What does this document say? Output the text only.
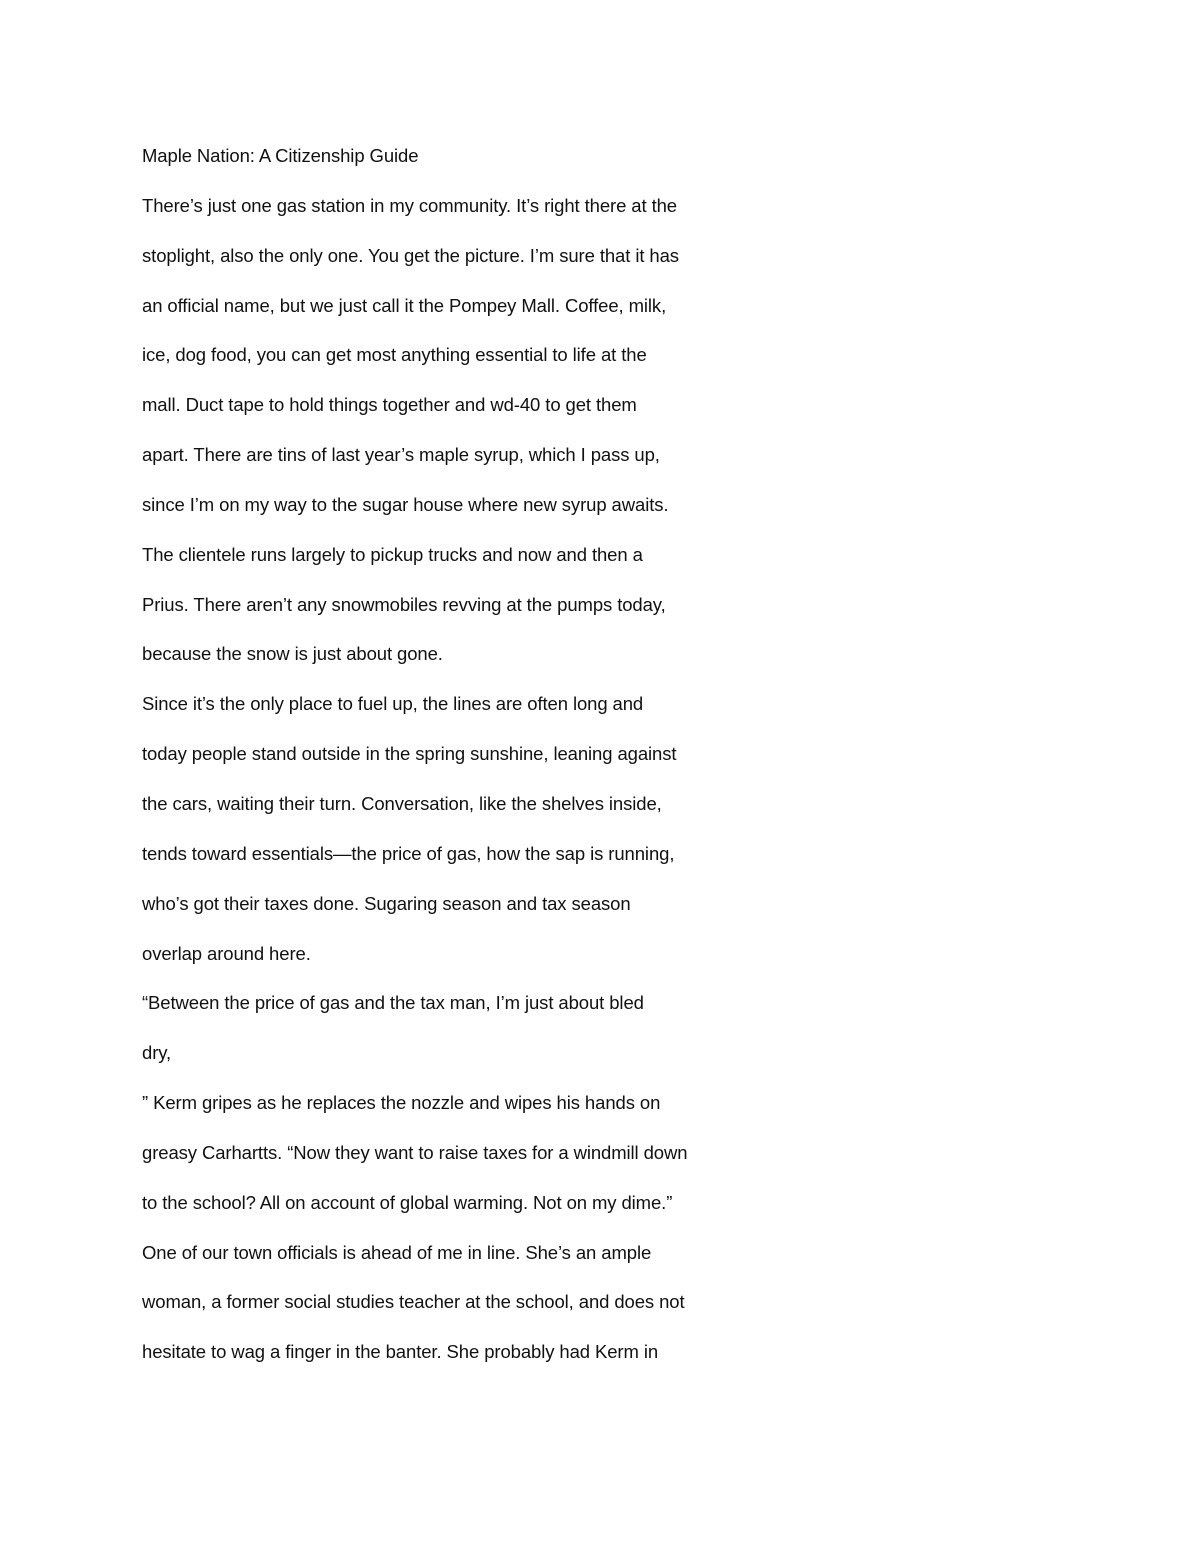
Maple Nation: A Citizenship Guide
There’s just one gas station in my community. It’s right there at the
stoplight, also the only one. You get the picture. I’m sure that it has
an official name, but we just call it the Pompey Mall. Coffee, milk,
ice, dog food, you can get most anything essential to life at the
mall. Duct tape to hold things together and wd-40 to get them
apart. There are tins of last year’s maple syrup, which I pass up,
since I’m on my way to the sugar house where new syrup awaits.
The clientele runs largely to pickup trucks and now and then a
Prius. There aren’t any snowmobiles revving at the pumps today,
because the snow is just about gone.
Since it’s the only place to fuel up, the lines are often long and
today people stand outside in the spring sunshine, leaning against
the cars, waiting their turn. Conversation, like the shelves inside,
tends toward essentials—the price of gas, how the sap is running,
who’s got their taxes done. Sugaring season and tax season
overlap around here.
“Between the price of gas and the tax man, I’m just about bled
dry,
” Kerm gripes as he replaces the nozzle and wipes his hands on
greasy Carhartts. “Now they want to raise taxes for a windmill down
to the school? All on account of global warming. Not on my dime.”
One of our town officials is ahead of me in line. She’s an ample
woman, a former social studies teacher at the school, and does not
hesitate to wag a finger in the banter. She probably had Kerm in
